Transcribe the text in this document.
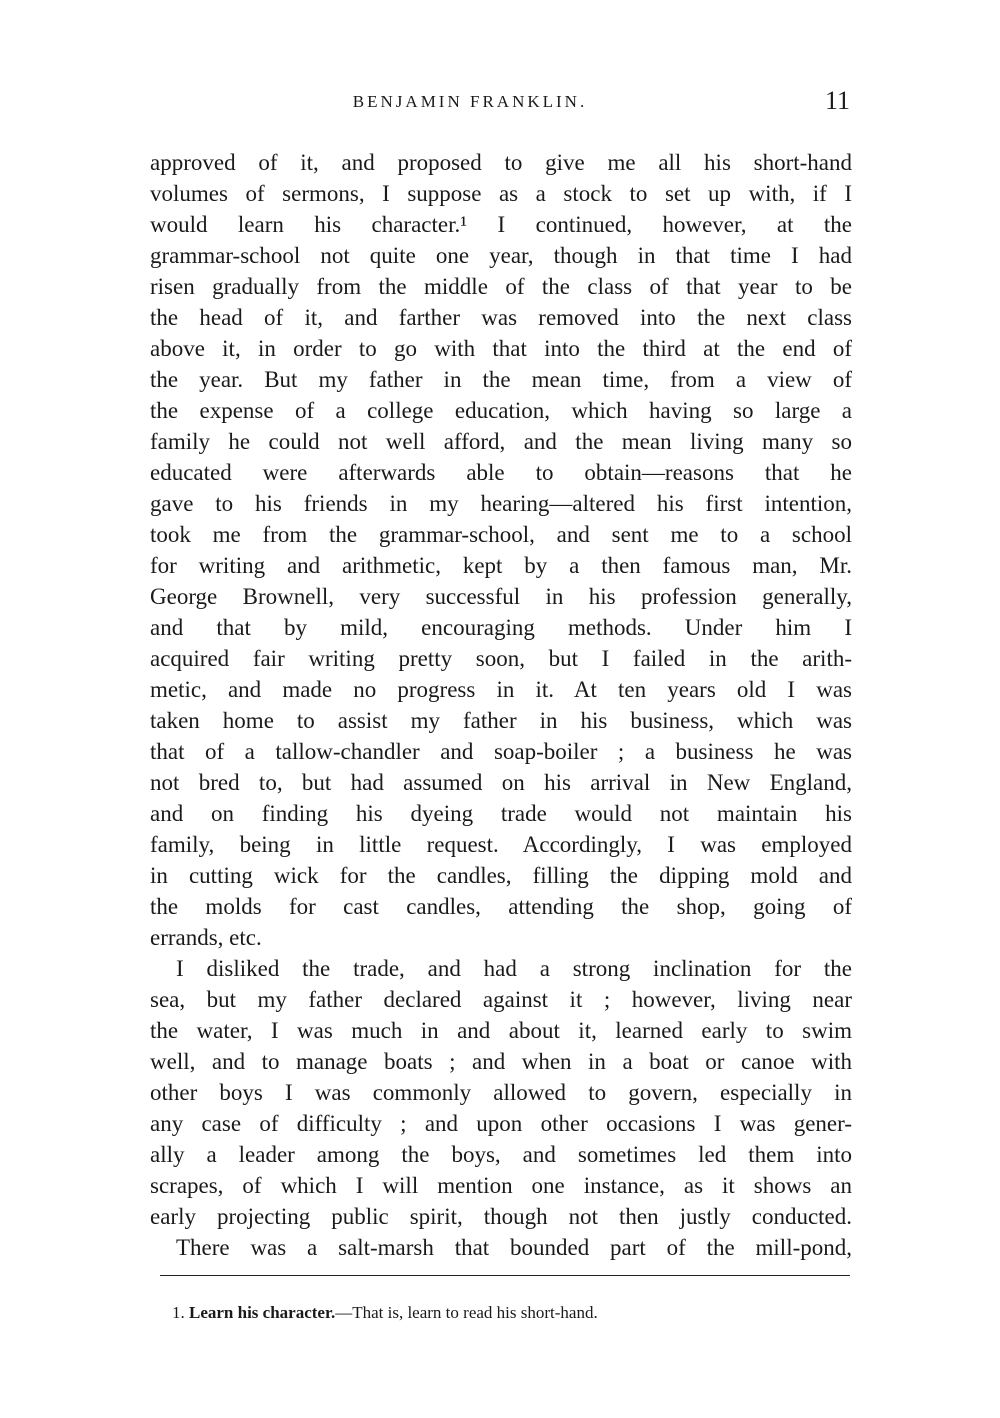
BENJAMIN FRANKLIN.	11
approved of it, and proposed to give me all his short-hand
volumes of sermons, I suppose as a stock to set up with, if I
would learn his character.¹ I continued, however, at the
grammar-school not quite one year, though in that time I had
risen gradually from the middle of the class of that year to be
the head of it, and farther was removed into the next class
above it, in order to go with that into the third at the end of
the year. But my father in the mean time, from a view of
the expense of a college education, which having so large a
family he could not well afford, and the mean living many so
educated were afterwards able to obtain—reasons that he
gave to his friends in my hearing—altered his first intention,
took me from the grammar-school, and sent me to a school
for writing and arithmetic, kept by a then famous man, Mr.
George Brownell, very successful in his profession generally,
and that by mild, encouraging methods. Under him I
acquired fair writing pretty soon, but I failed in the arith-
metic, and made no progress in it. At ten years old I was
taken home to assist my father in his business, which was
that of a tallow-chandler and soap-boiler ; a business he was
not bred to, but had assumed on his arrival in New England,
and on finding his dyeing trade would not maintain his
family, being in little request. Accordingly, I was employed
in cutting wick for the candles, filling the dipping mold and
the molds for cast candles, attending the shop, going of
errands, etc.
I disliked the trade, and had a strong inclination for the
sea, but my father declared against it ; however, living near
the water, I was much in and about it, learned early to swim
well, and to manage boats ; and when in a boat or canoe with
other boys I was commonly allowed to govern, especially in
any case of difficulty ; and upon other occasions I was gener-
ally a leader among the boys, and sometimes led them into
scrapes, of which I will mention one instance, as it shows an
early projecting public spirit, though not then justly conducted.
There was a salt-marsh that bounded part of the mill-pond,
1. Learn his character.—That is, learn to read his short-hand.
